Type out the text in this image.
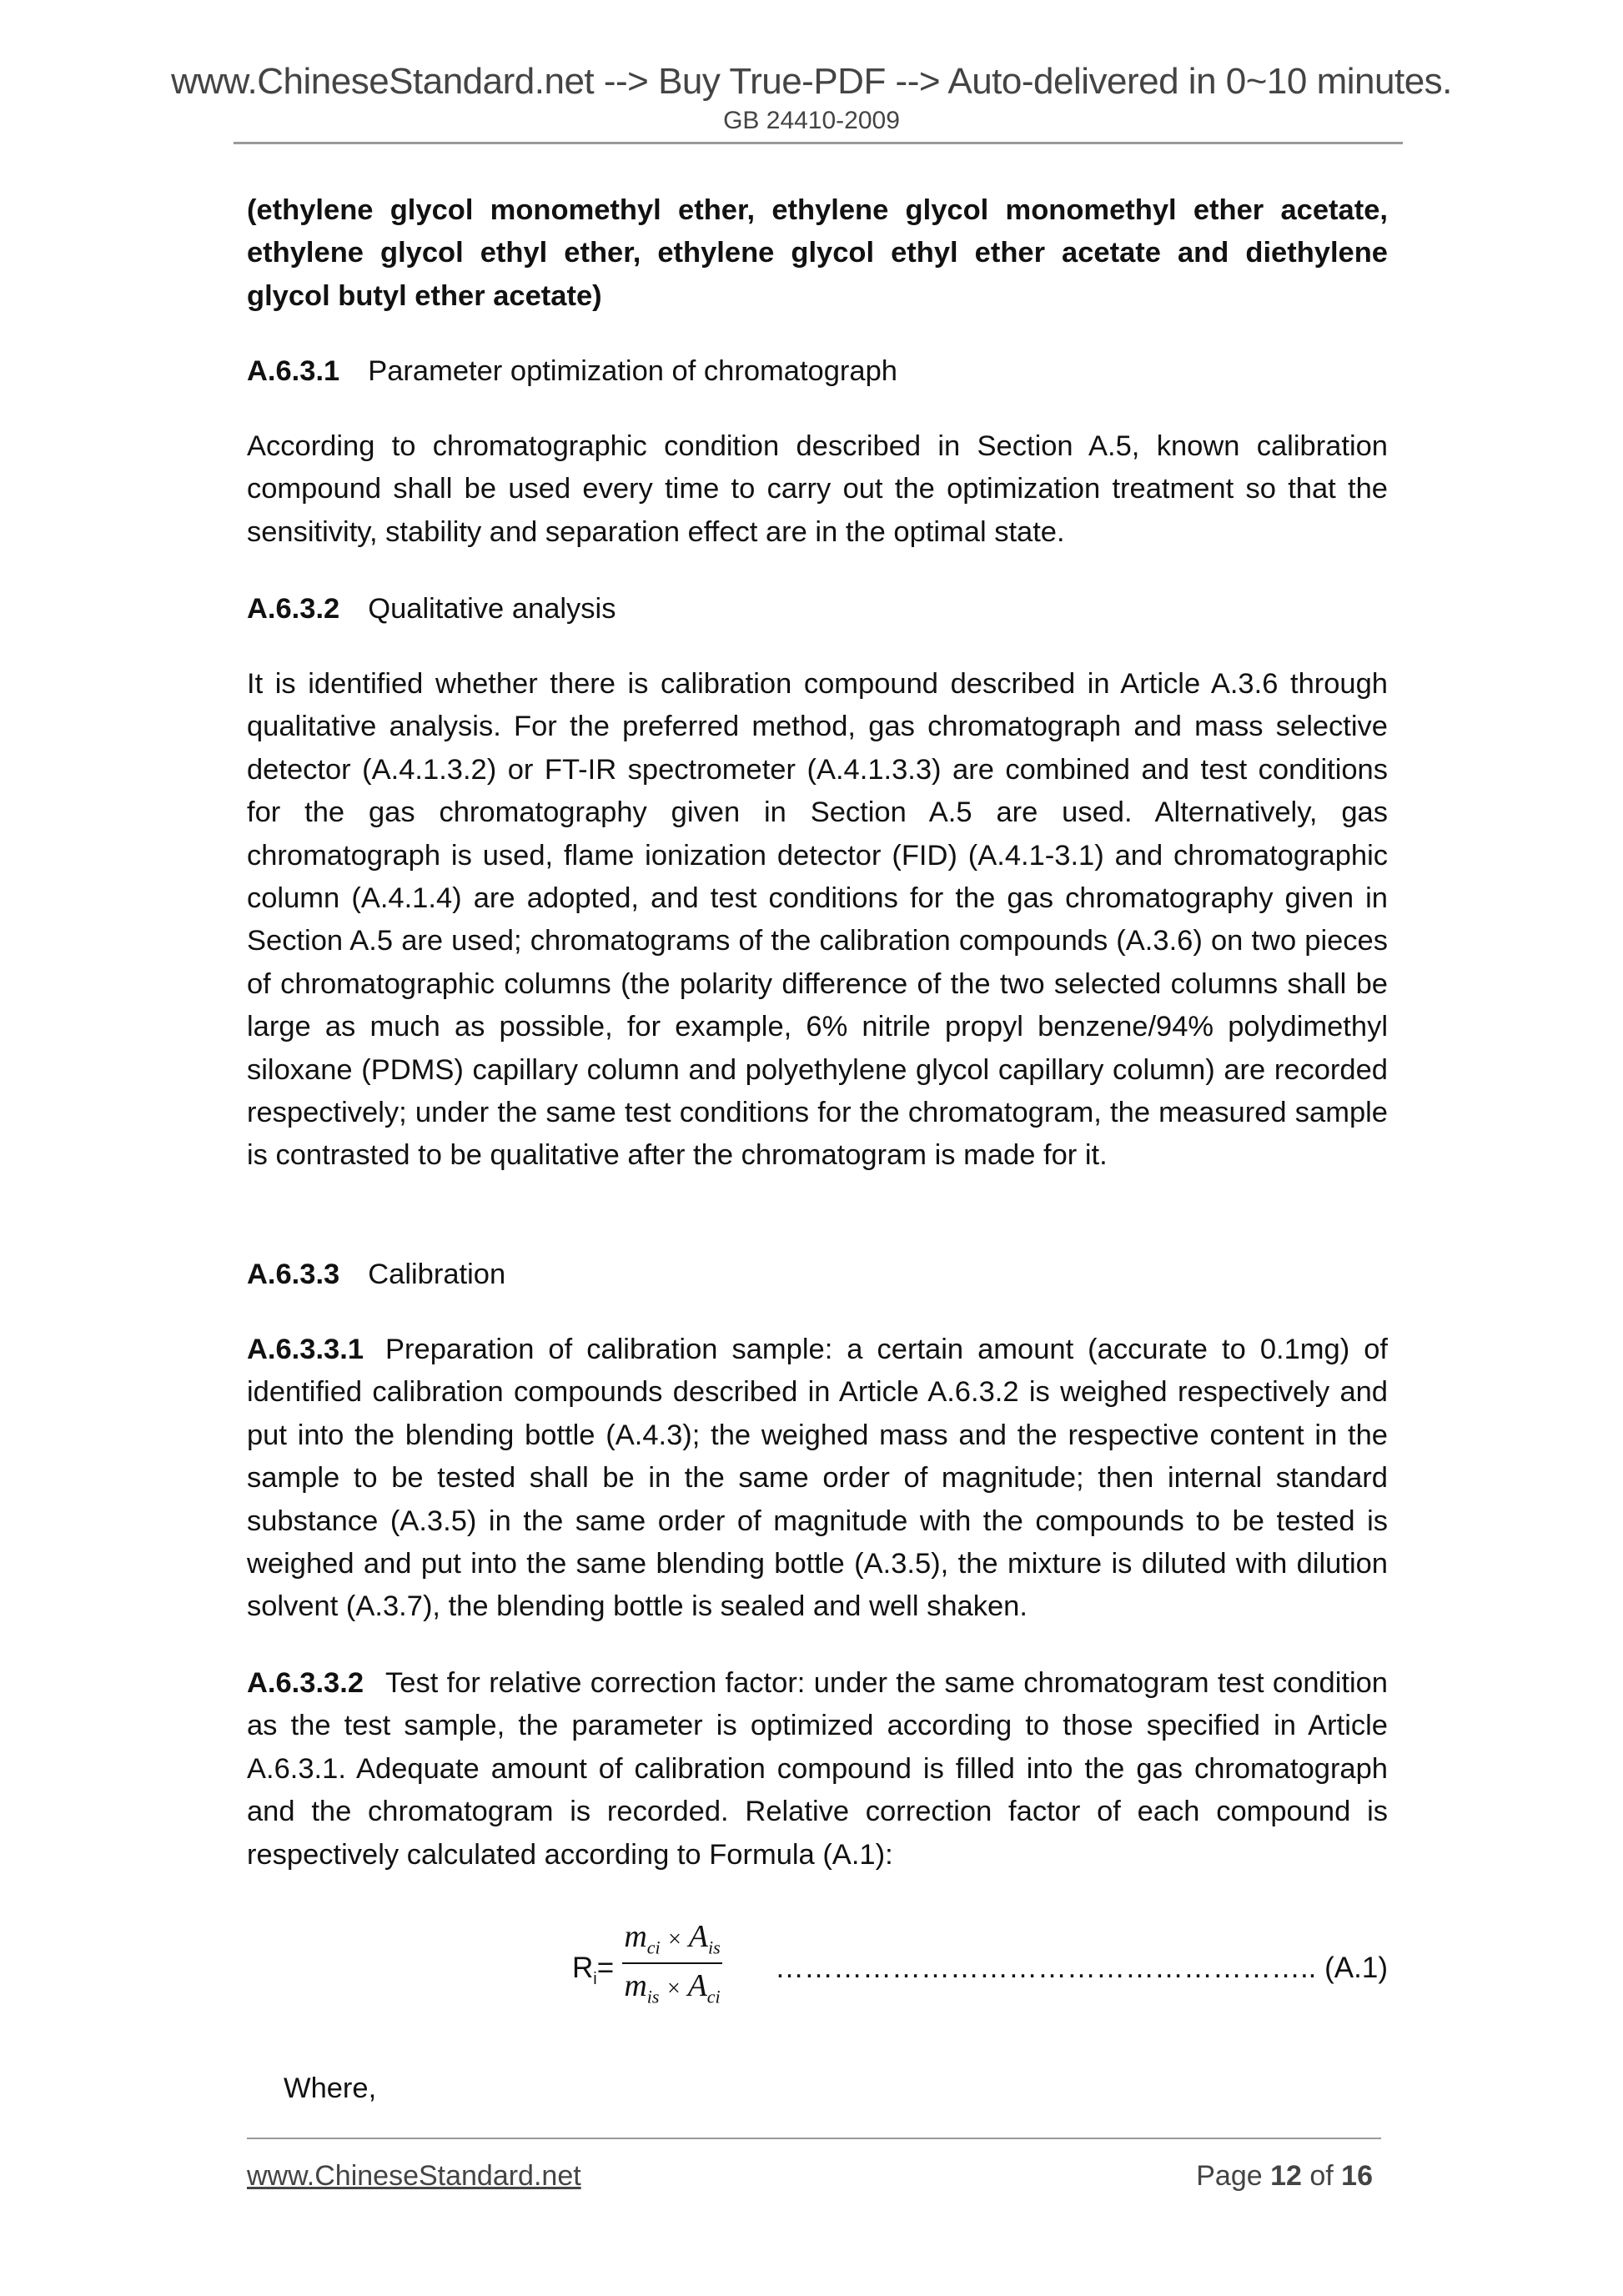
www.ChineseStandard.net --> Buy True-PDF --> Auto-delivered in 0~10 minutes.
GB 24410-2009
(ethylene glycol monomethyl ether, ethylene glycol monomethyl ether acetate, ethylene glycol ethyl ether, ethylene glycol ethyl ether acetate and diethylene glycol butyl ether acetate)
A.6.3.1 Parameter optimization of chromatograph
According to chromatographic condition described in Section A.5, known calibration compound shall be used every time to carry out the optimization treatment so that the sensitivity, stability and separation effect are in the optimal state.
A.6.3.2 Qualitative analysis
It is identified whether there is calibration compound described in Article A.3.6 through qualitative analysis. For the preferred method, gas chromatograph and mass selective detector (A.4.1.3.2) or FT-IR spectrometer (A.4.1.3.3) are combined and test conditions for the gas chromatography given in Section A.5 are used. Alternatively, gas chromatograph is used, flame ionization detector (FID) (A.4.1-3.1) and chromatographic column (A.4.1.4) are adopted, and test conditions for the gas chromatography given in Section A.5 are used; chromatograms of the calibration compounds (A.3.6) on two pieces of chromatographic columns (the polarity difference of the two selected columns shall be large as much as possible, for example, 6% nitrile propyl benzene/94% polydimethyl siloxane (PDMS) capillary column and polyethylene glycol capillary column) are recorded respectively; under the same test conditions for the chromatogram, the measured sample is contrasted to be qualitative after the chromatogram is made for it.
A.6.3.3 Calibration
A.6.3.3.1 Preparation of calibration sample: a certain amount (accurate to 0.1mg) of identified calibration compounds described in Article A.6.3.2 is weighed respectively and put into the blending bottle (A.4.3); the weighed mass and the respective content in the sample to be tested shall be in the same order of magnitude; then internal standard substance (A.3.5) in the same order of magnitude with the compounds to be tested is weighed and put into the same blending bottle (A.3.5), the mixture is diluted with dilution solvent (A.3.7), the blending bottle is sealed and well shaken.
A.6.3.3.2 Test for relative correction factor: under the same chromatogram test condition as the test sample, the parameter is optimized according to those specified in Article A.6.3.1. Adequate amount of calibration compound is filled into the gas chromatograph and the chromatogram is recorded. Relative correction factor of each compound is respectively calculated according to Formula (A.1):
$R_i=$
$m_{ci} \times A_{is}$
$m_{is} \times A_{ci}$
……………………………………………….. (A.1)
Where,
www.ChineseStandard.net	Page 12 of 16
